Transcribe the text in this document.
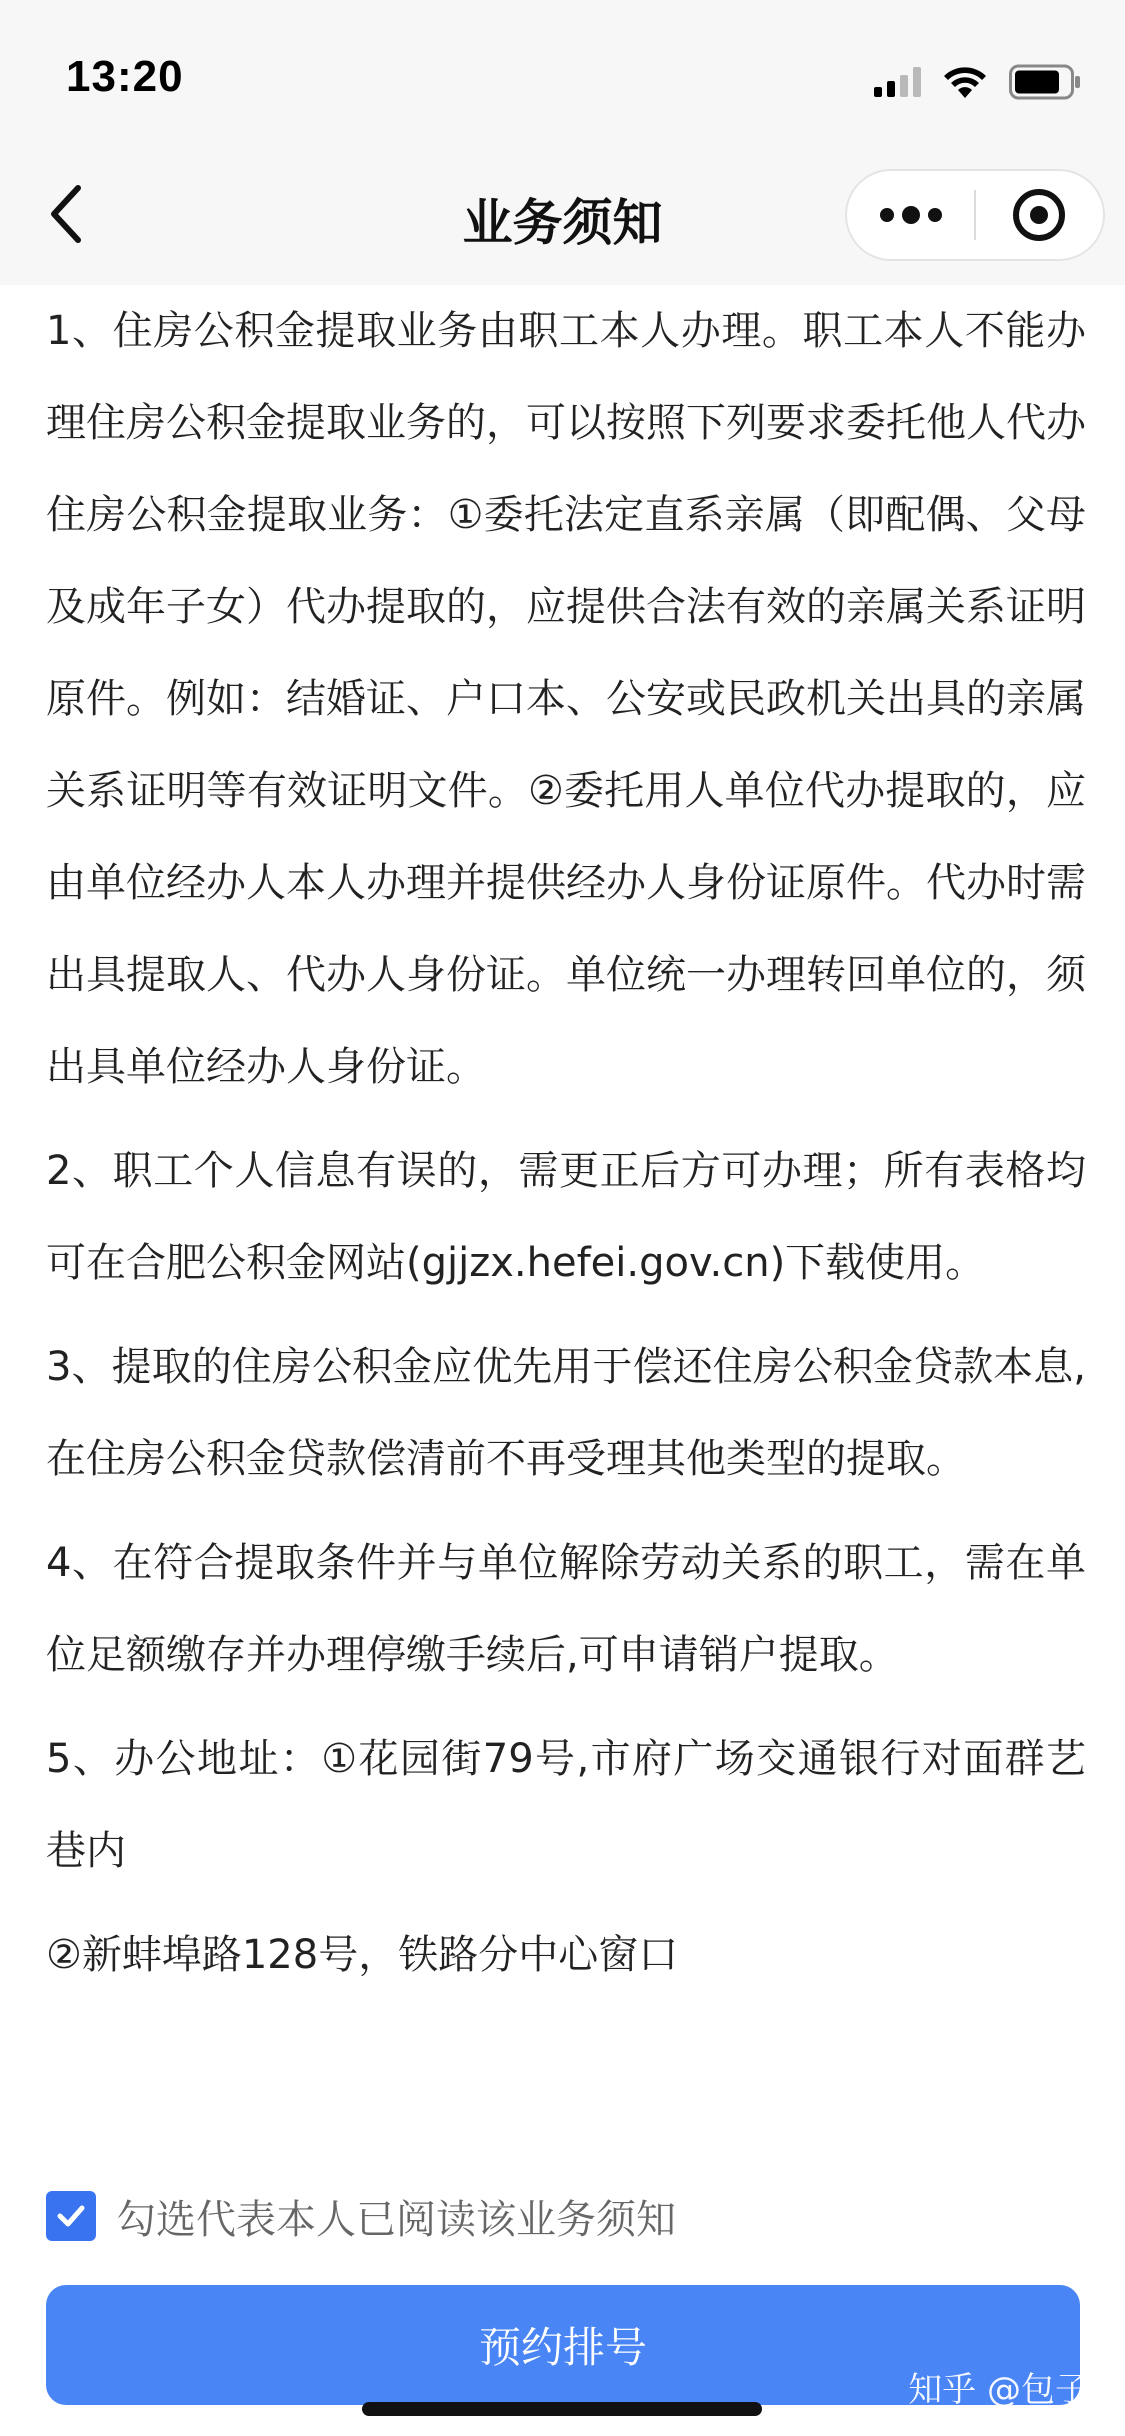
13:20
业务须知

1、住房公积金提取业务由职工本人办理。职工本人不能办理住房公积金提取业务的，可以按照下列要求委托他人代办住房公积金提取业务：①委托法定直系亲属（即配偶、父母及成年子女）代办提取的，应提供合法有效的亲属关系证明原件。例如：结婚证、户口本、公安或民政机关出具的亲属关系证明等有效证明文件。②委托用人单位代办提取的，应由单位经办人本人办理并提供经办人身份证原件。代办时需出具提取人、代办人身份证。单位统一办理转回单位的，须出具单位经办人身份证。

2、职工个人信息有误的，需更正后方可办理；所有表格均可在合肥公积金网站(gjjzx.hefei.gov.cn)下载使用。

3、提取的住房公积金应优先用于偿还住房公积金贷款本息,在住房公积金贷款偿清前不再受理其他类型的提取。

4、在符合提取条件并与单位解除劳动关系的职工，需在单位足额缴存并办理停缴手续后,可申请销户提取。

5、办公地址：①花园街79号,市府广场交通银行对面群艺巷内

②新蚌埠路128号，铁路分中心窗口

勾选代表本人已阅读该业务须知
预约排号
知乎 @包子
